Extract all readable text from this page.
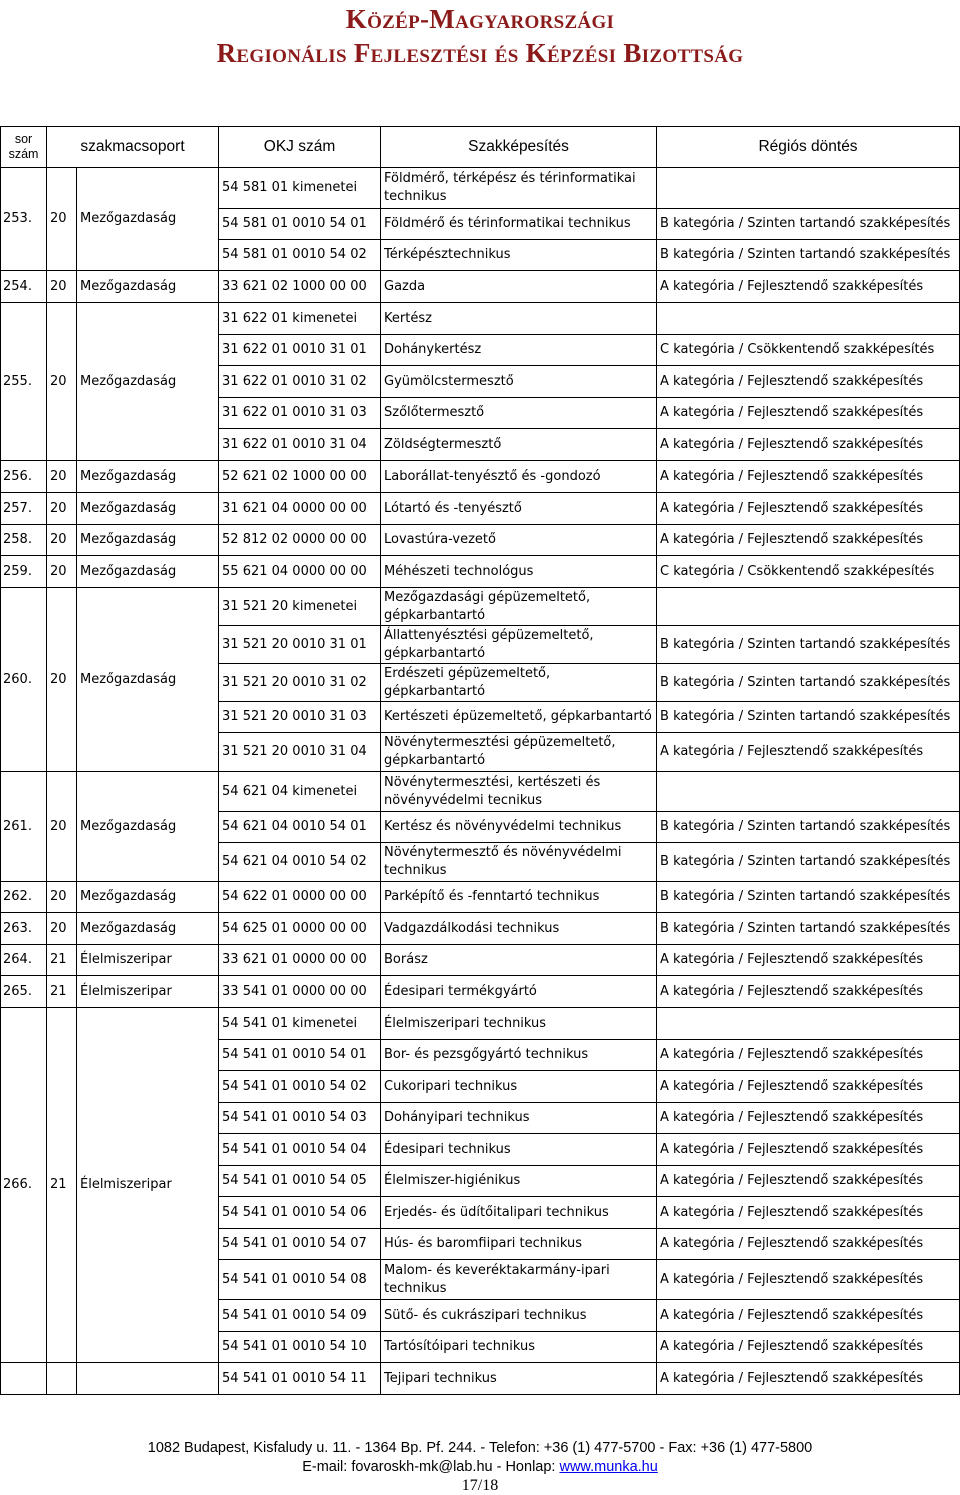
Közép-Magyarországi
Regionális Fejlesztési és Képzési Bizottság
sor
szám	szakmacsoport		OKJ szám	Szakképesítés	Régiós döntés
253.	20	Mezőgazdaság	54 581 01 kimenetei	Földmérő, térképész és térinformatikai technikus	
			54 581 01 0010 54 01	Földmérő és térinformatikai technikus	B kategória / Szinten tartandó szakképesítés
			54 581 01 0010 54 02	Térképésztechnikus	B kategória / Szinten tartandó szakképesítés
254.	20	Mezőgazdaság	33 621 02 1000 00 00	Gazda	A kategória / Fejlesztendő szakképesítés
255.	20	Mezőgazdaság	31 622 01 kimenetei	Kertész	
			31 622 01 0010 31 01	Dohánykertész	C kategória / Csökkentendő szakképesítés
			31 622 01 0010 31 02	Gyümölcstermesztő	A kategória / Fejlesztendő szakképesítés
			31 622 01 0010 31 03	Szőlőtermesztő	A kategória / Fejlesztendő szakképesítés
			31 622 01 0010 31 04	Zöldségtermesztő	A kategória / Fejlesztendő szakképesítés
256.	20	Mezőgazdaság	52 621 02 1000 00 00	Laborállat-tenyésztő és -gondozó	A kategória / Fejlesztendő szakképesítés
257.	20	Mezőgazdaság	31 621 04 0000 00 00	Lótartó és -tenyésztő	A kategória / Fejlesztendő szakképesítés
258.	20	Mezőgazdaság	52 812 02 0000 00 00	Lovastúra-vezető	A kategória / Fejlesztendő szakképesítés
259.	20	Mezőgazdaság	55 621 04 0000 00 00	Méhészeti technológus	C kategória / Csökkentendő szakképesítés
260.	20	Mezőgazdaság	31 521 20 kimenetei	Mezőgazdasági gépüzemeltető, gépkarbantartó	
			31 521 20 0010 31 01	Állattenyésztési gépüzemeltető, gépkarbantartó	B kategória / Szinten tartandó szakképesítés
			31 521 20 0010 31 02	Erdészeti gépüzemeltető, gépkarbantartó	B kategória / Szinten tartandó szakképesítés
			31 521 20 0010 31 03	Kertészeti épüzemeltető, gépkarbantartó	B kategória / Szinten tartandó szakképesítés
			31 521 20 0010 31 04	Növénytermesztési gépüzemeltető, gépkarbantartó	A kategória / Fejlesztendő szakképesítés
261.	20	Mezőgazdaság	54 621 04 kimenetei	Növénytermesztési, kertészeti és növényvédelmi tecnikus	
			54 621 04 0010 54 01	Kertész és növényvédelmi technikus	B kategória / Szinten tartandó szakképesítés
			54 621 04 0010 54 02	Növénytermesztő és növényvédelmi technikus	B kategória / Szinten tartandó szakképesítés
262.	20	Mezőgazdaság	54 622 01 0000 00 00	Parképítő és -fenntartó technikus	B kategória / Szinten tartandó szakképesítés
263.	20	Mezőgazdaság	54 625 01 0000 00 00	Vadgazdálkodási technikus	B kategória / Szinten tartandó szakképesítés
264.	21	Élelmiszeripar	33 621 01 0000 00 00	Borász	A kategória / Fejlesztendő szakképesítés
265.	21	Élelmiszeripar	33 541 01 0000 00 00	Édesipari termékgyártó	A kategória / Fejlesztendő szakképesítés
266.	21	Élelmiszeripar	54 541 01 kimenetei	Élelmiszeripari technikus	
			54 541 01 0010 54 01	Bor- és pezsgőgyártó technikus	A kategória / Fejlesztendő szakképesítés
			54 541 01 0010 54 02	Cukoripari technikus	A kategória / Fejlesztendő szakképesítés
			54 541 01 0010 54 03	Dohányipari technikus	A kategória / Fejlesztendő szakképesítés
			54 541 01 0010 54 04	Édesipari technikus	A kategória / Fejlesztendő szakképesítés
			54 541 01 0010 54 05	Élelmiszer-higiénikus	A kategória / Fejlesztendő szakképesítés
			54 541 01 0010 54 06	Erjedés- és üdítőitalipari technikus	A kategória / Fejlesztendő szakképesítés
			54 541 01 0010 54 07	Hús- és baromfiipari technikus	A kategória / Fejlesztendő szakképesítés
			54 541 01 0010 54 08	Malom- és keveréktakarmány-ipari technikus	A kategória / Fejlesztendő szakképesítés
			54 541 01 0010 54 09	Sütő- és cukrászipari technikus	A kategória / Fejlesztendő szakképesítés
			54 541 01 0010 54 10	Tartósítóipari technikus	A kategória / Fejlesztendő szakképesítés
			54 541 01 0010 54 11	Tejipari technikus	A kategória / Fejlesztendő szakképesítés
1082 Budapest, Kisfaludy u. 11. - 1364 Bp. Pf. 244. - Telefon: +36 (1) 477-5700 - Fax: +36 (1) 477-5800
E-mail: fovaroskh-mk@lab.hu - Honlap: www.munka.hu
17/18
